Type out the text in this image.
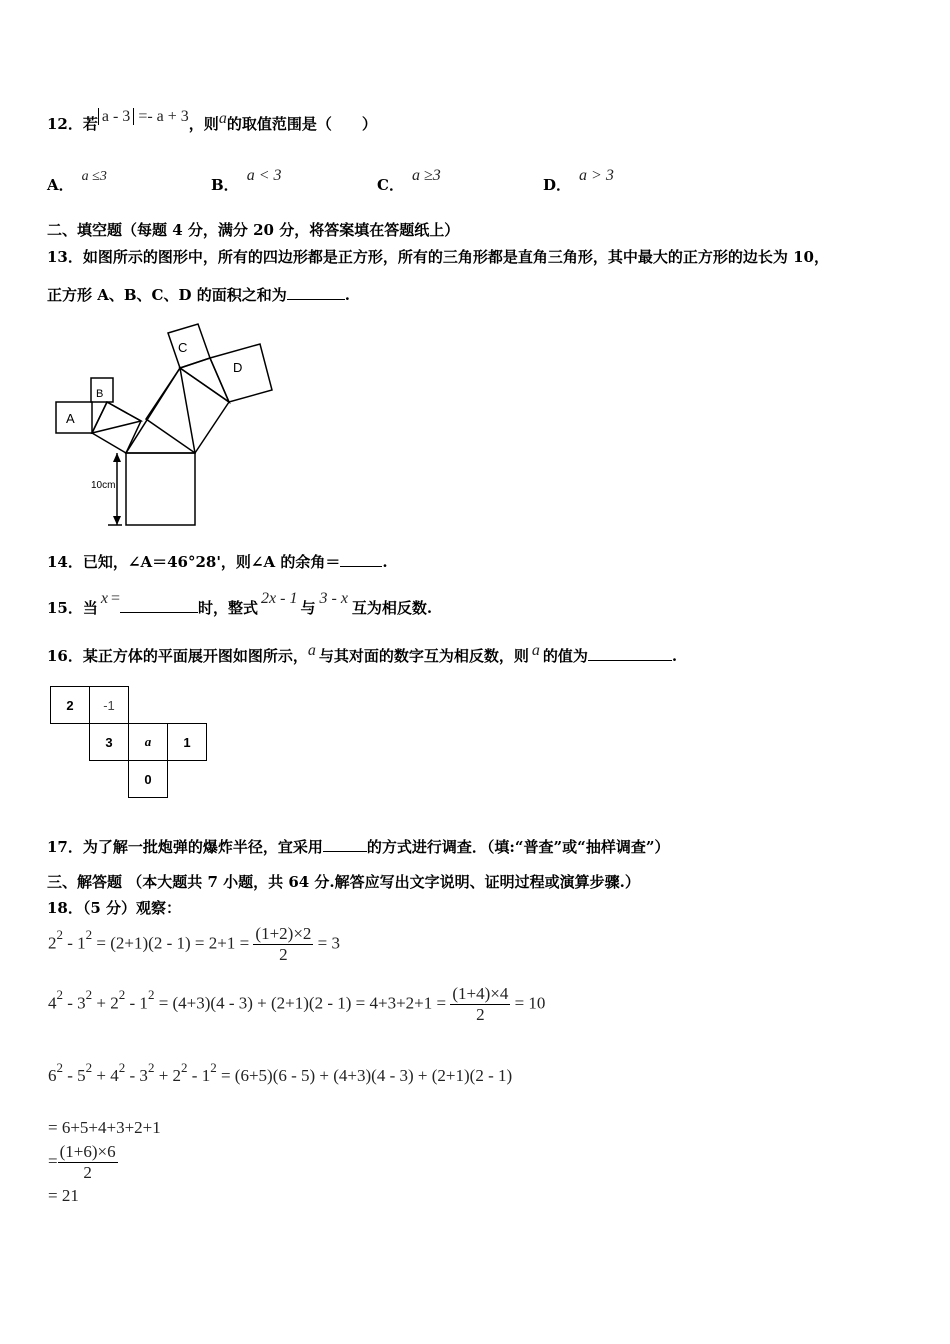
12．若 a - 3 =- a + 3，则a的取值范围是（　　）
A． a ≤3	B．a < 3
C．a ≥3
D．a > 3
二、填空题（每题 4 分，满分 20 分，将答案填在答题纸上）
13．如图所示的图形中，所有的四边形都是正方形，所有的三角形都是直角三角形，其中最大的正方形的边长为 10，
正方形 A、B、C、D 的面积之和为	.
A
B
C
D
10cm
14．已知，∠A＝46°28'，则∠A 的余角＝	.
15．当x =时，整式2x - 1与3 - x互为相反数.
16．某正方体的平面展开图如图所示，a 与其对面的数字互为相反数，则 a 的值为	.
2	-1		
	3	a	1
		0	
17．为了解一批炮弹的爆炸半径，宜采用	的方式进行调查．（填:“普查”或“抽样调查”）
三、解答题 （本大题共 7 小题，共 64 分.解答应写出文字说明、证明过程或演算步骤.）
18．（5 分）观察：
$2^2 - 1^2 = (2+1)(2 - 1) = 2+1 = \frac{(1+2)\times 2}{2} = 3$
$4^2 - 3^2 + 2^2 - 1^2 = (4+3)(4 - 3) + (2+1)(2 - 1) = 4+3+2+1 = \frac{(1+4)\times 4}{2} = 10$
$6^2 - 5^2 + 4^2 - 3^2 + 2^2 - 1^2 = (6+5)(6 - 5) + (4+3)(4 - 3) + (2+1)(2 - 1)$
= 6+5+4+3+2+1
= $\frac{(1+6)\times 6}{2}$
= 21
